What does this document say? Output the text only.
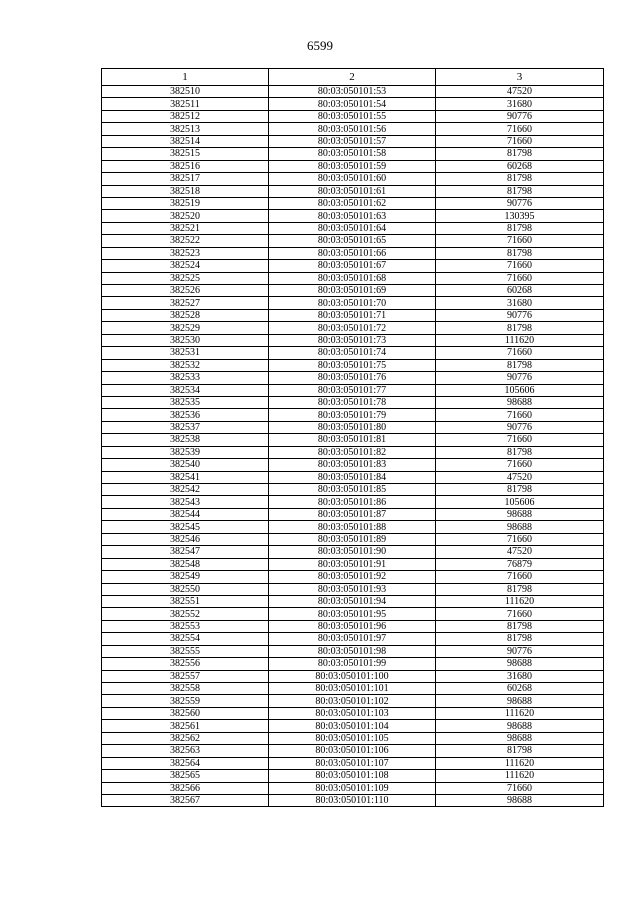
6599
1	2	3
382510	80:03:050101:53	47520
382511	80:03:050101:54	31680
382512	80:03:050101:55	90776
382513	80:03:050101:56	71660
382514	80:03:050101:57	71660
382515	80:03:050101:58	81798
382516	80:03:050101:59	60268
382517	80:03:050101:60	81798
382518	80:03:050101:61	81798
382519	80:03:050101:62	90776
382520	80:03:050101:63	130395
382521	80:03:050101:64	81798
382522	80:03:050101:65	71660
382523	80:03:050101:66	81798
382524	80:03:050101:67	71660
382525	80:03:050101:68	71660
382526	80:03:050101:69	60268
382527	80:03:050101:70	31680
382528	80:03:050101:71	90776
382529	80:03:050101:72	81798
382530	80:03:050101:73	111620
382531	80:03:050101:74	71660
382532	80:03:050101:75	81798
382533	80:03:050101:76	90776
382534	80:03:050101:77	105606
382535	80:03:050101:78	98688
382536	80:03:050101:79	71660
382537	80:03:050101:80	90776
382538	80:03:050101:81	71660
382539	80:03:050101:82	81798
382540	80:03:050101:83	71660
382541	80:03:050101:84	47520
382542	80:03:050101:85	81798
382543	80:03:050101:86	105606
382544	80:03:050101:87	98688
382545	80:03:050101:88	98688
382546	80:03:050101:89	71660
382547	80:03:050101:90	47520
382548	80:03:050101:91	76879
382549	80:03:050101:92	71660
382550	80:03:050101:93	81798
382551	80:03:050101:94	111620
382552	80:03:050101:95	71660
382553	80:03:050101:96	81798
382554	80:03:050101:97	81798
382555	80:03:050101:98	90776
382556	80:03:050101:99	98688
382557	80:03:050101:100	31680
382558	80:03:050101:101	60268
382559	80:03:050101:102	98688
382560	80:03:050101:103	111620
382561	80:03:050101:104	98688
382562	80:03:050101:105	98688
382563	80:03:050101:106	81798
382564	80:03:050101:107	111620
382565	80:03:050101:108	111620
382566	80:03:050101:109	71660
382567	80:03:050101:110	98688
